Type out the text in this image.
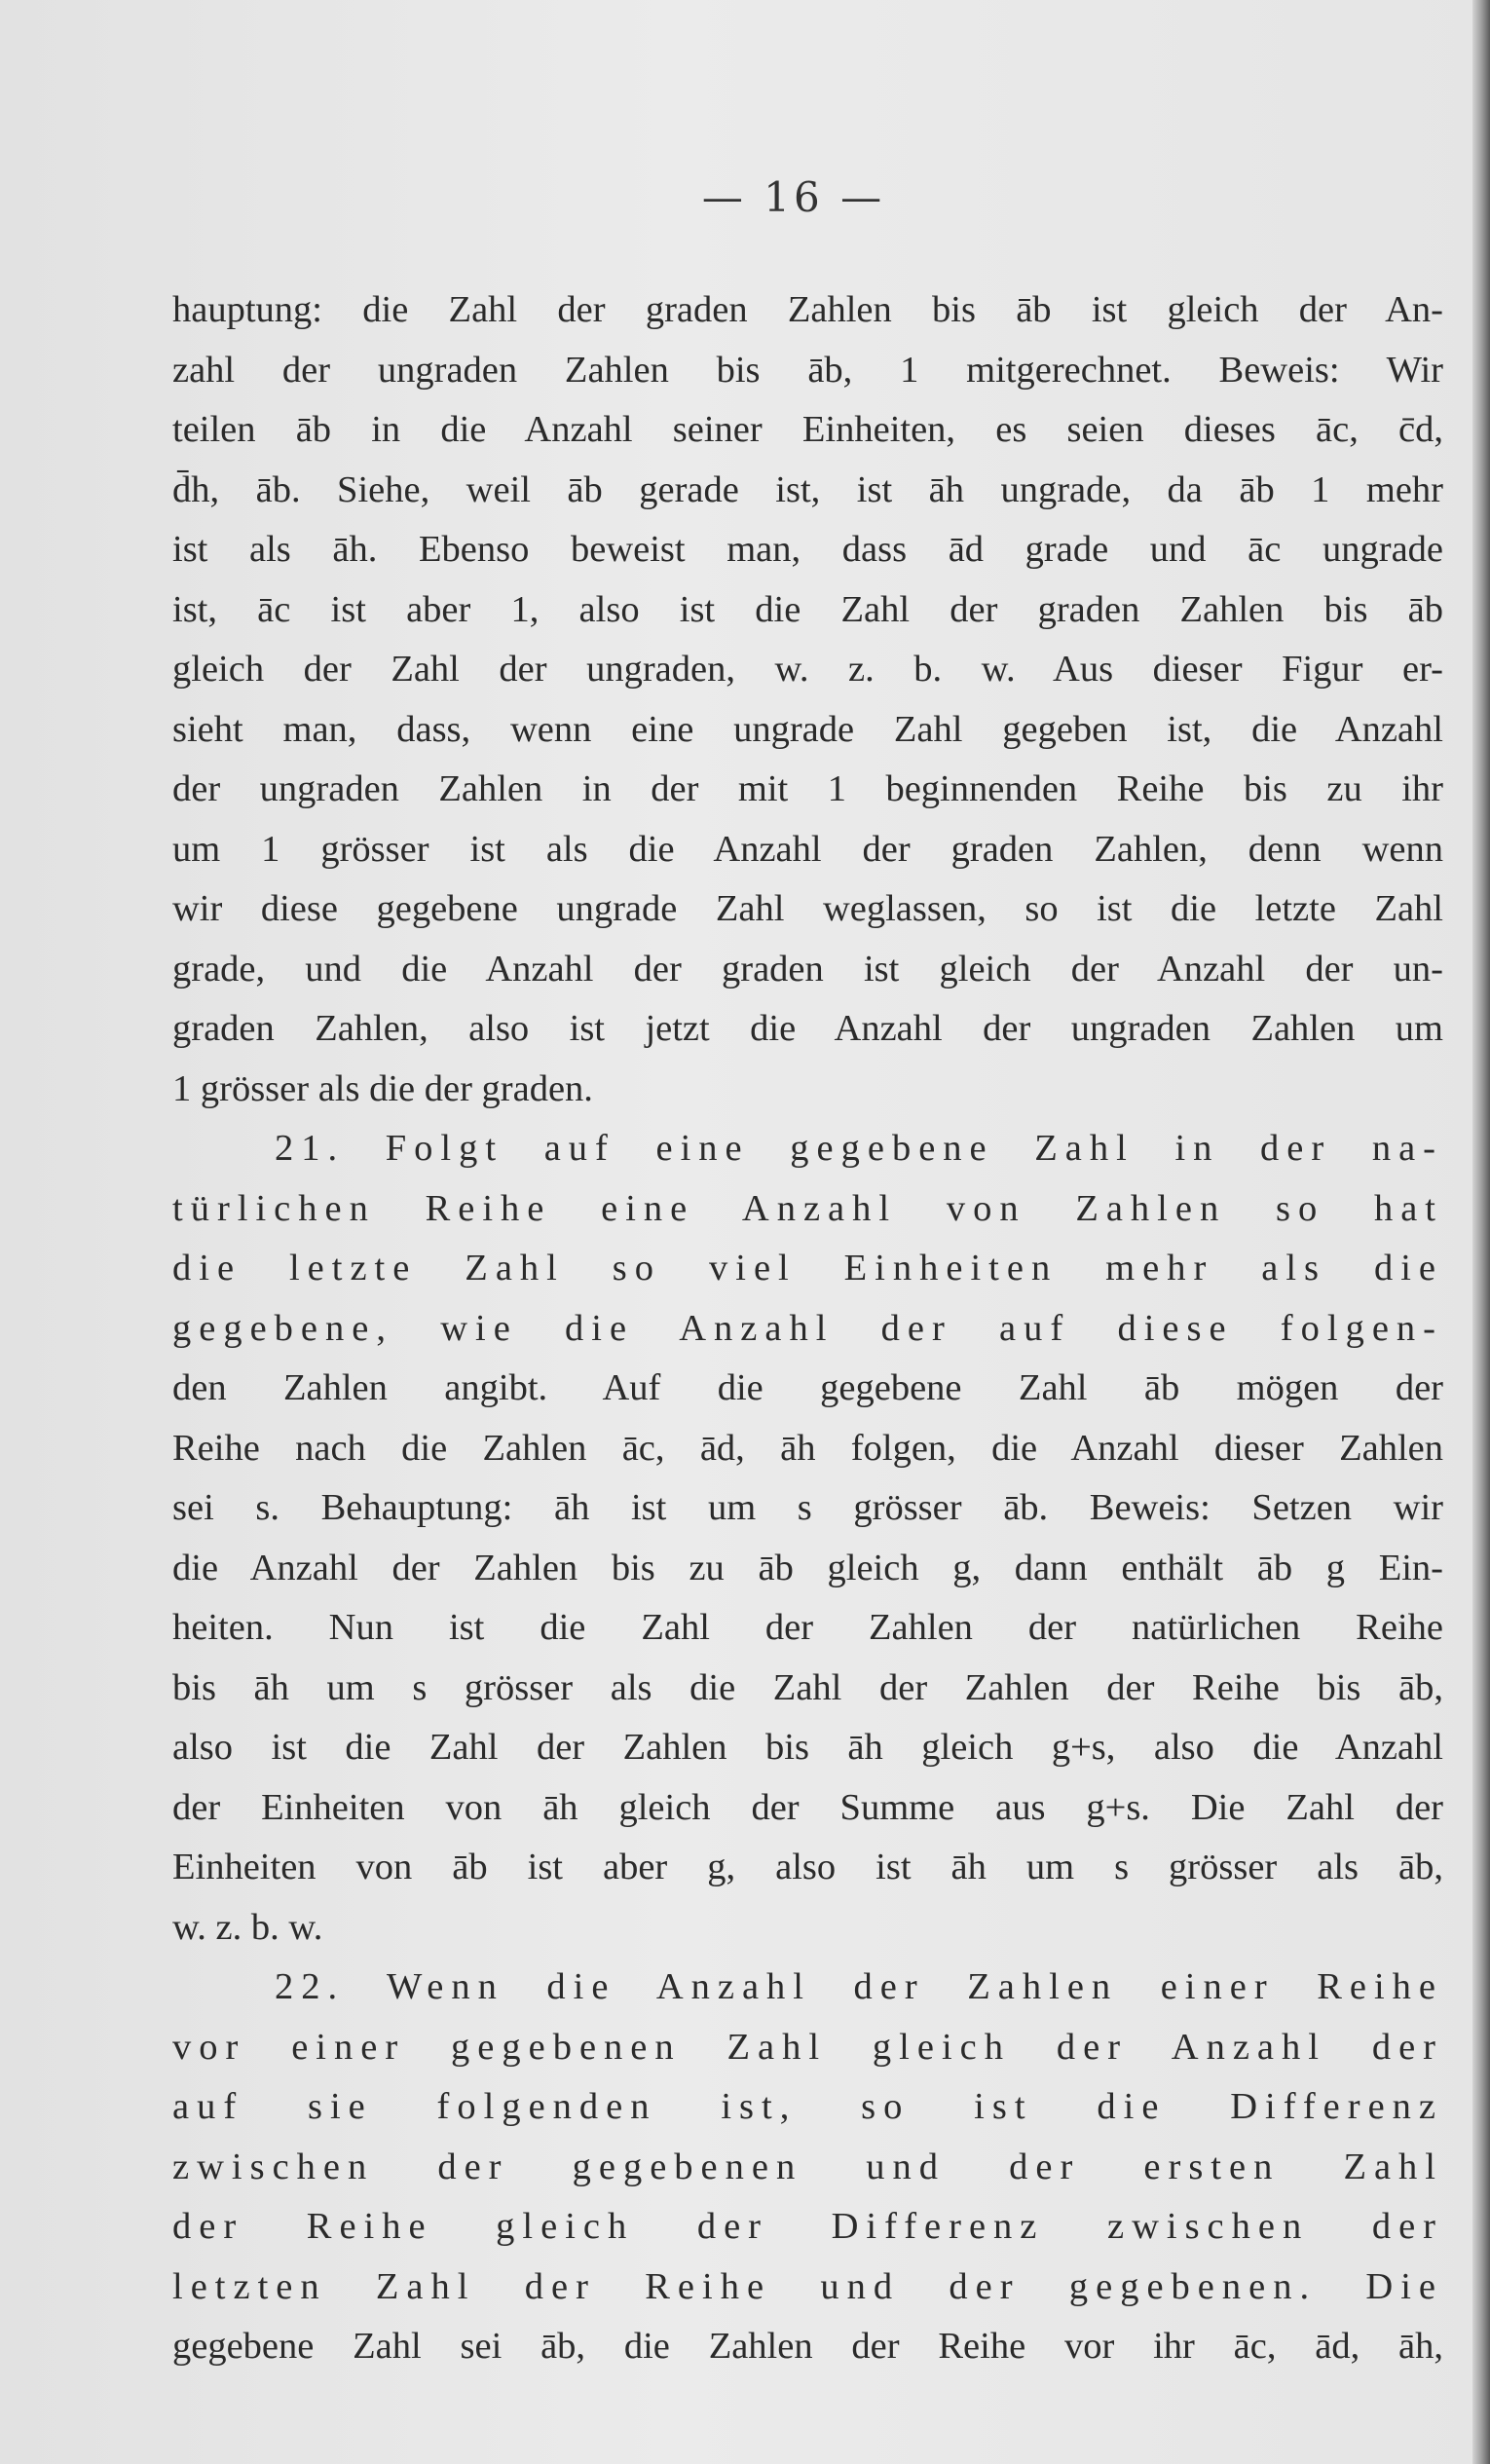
— 16 —
hauptung: die Zahl der graden Zahlen bis āb ist gleich der An-
zahl der ungraden Zahlen bis āb, 1 mitgerechnet. Beweis: Wir
teilen āb in die Anzahl seiner Einheiten, es seien dieses āc, c̄d,
d̄h, āb. Siehe, weil āb gerade ist, ist āh ungrade, da āb 1 mehr
ist als āh. Ebenso beweist man, dass ād grade und āc ungrade
ist, āc ist aber 1, also ist die Zahl der graden Zahlen bis āb
gleich der Zahl der ungraden, w. z. b. w. Aus dieser Figur er-
sieht man, dass, wenn eine ungrade Zahl gegeben ist, die Anzahl
der ungraden Zahlen in der mit 1 beginnenden Reihe bis zu ihr
um 1 grösser ist als die Anzahl der graden Zahlen, denn wenn
wir diese gegebene ungrade Zahl weglassen, so ist die letzte Zahl
grade, und die Anzahl der graden ist gleich der Anzahl der un-
graden Zahlen, also ist jetzt die Anzahl der ungraden Zahlen um
1 grösser als die der graden.
21. Folgt auf eine gegebene Zahl in der na-
türlichen Reihe eine Anzahl von Zahlen so hat
die letzte Zahl so viel Einheiten mehr als die
gegebene, wie die Anzahl der auf diese folgen-
den Zahlen angibt. Auf die gegebene Zahl āb mögen der
Reihe nach die Zahlen āc, ād, āh folgen, die Anzahl dieser Zahlen
sei s. Behauptung: āh ist um s grösser āb. Beweis: Setzen wir
die Anzahl der Zahlen bis zu āb gleich g, dann enthält āb g Ein-
heiten. Nun ist die Zahl der Zahlen der natürlichen Reihe
bis āh um s grösser als die Zahl der Zahlen der Reihe bis āb,
also ist die Zahl der Zahlen bis āh gleich g+s, also die Anzahl
der Einheiten von āh gleich der Summe aus g+s. Die Zahl der
Einheiten von āb ist aber g, also ist āh um s grösser als āb,
w. z. b. w.
22. Wenn die Anzahl der Zahlen einer Reihe
vor einer gegebenen Zahl gleich der Anzahl der
auf sie folgenden ist, so ist die Differenz
zwischen der gegebenen und der ersten Zahl
der Reihe gleich der Differenz zwischen der
letzten Zahl der Reihe und der gegebenen. Die
gegebene Zahl sei āb, die Zahlen der Reihe vor ihr āc, ād, āh,
